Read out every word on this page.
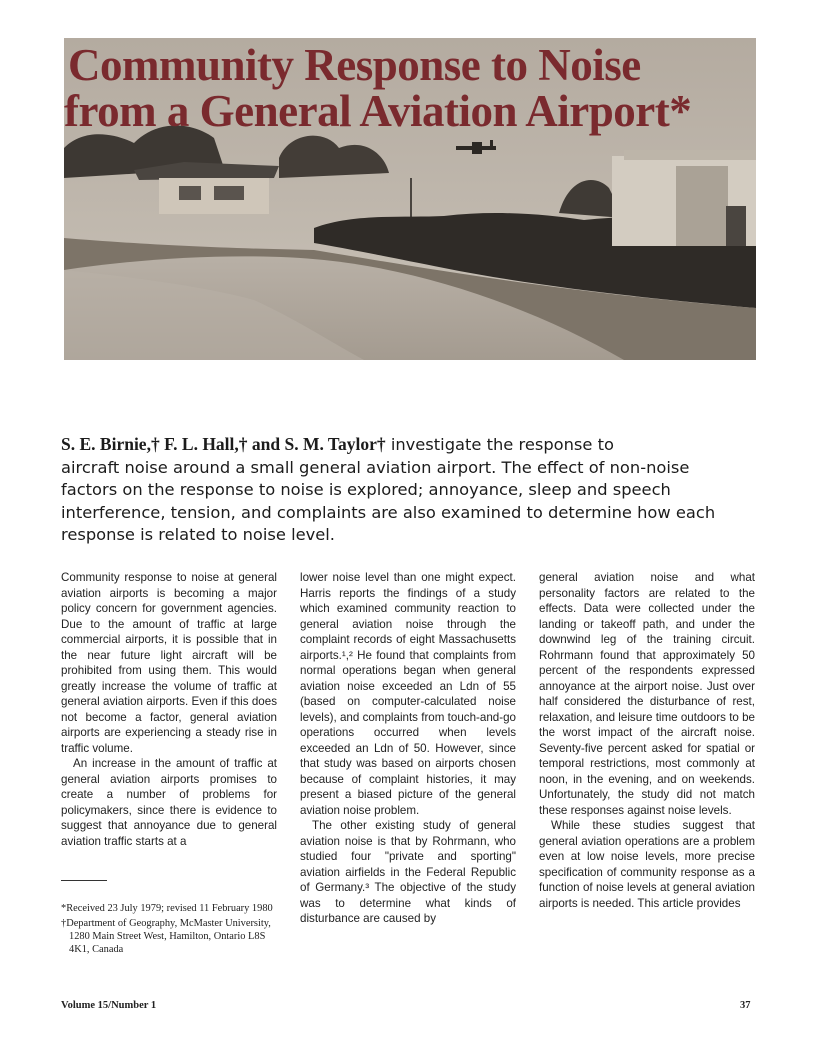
Community Response to Noise
from a General Aviation Airport*
S. E. Birnie,† F. L. Hall,† and S. M. Taylor† investigate the response to
aircraft noise around a small general aviation airport. The effect of non-noise
factors on the response to noise is explored; annoyance, sleep and speech
interference, tension, and complaints are also examined to determine how each
response is related to noise level.

Community response to noise at general aviation airports is becoming a major policy concern for government agencies. Due to the amount of traffic at large commercial airports, it is possible that in the near future light aircraft will be prohibited from using them. This would greatly increase the volume of traffic at general aviation airports. Even if this does not become a factor, general aviation airports are experiencing a steady rise in traffic volume.

An increase in the amount of traffic at general aviation airports promises to create a number of problems for policymakers, since there is evidence to suggest that annoyance due to general aviation traffic starts at a

lower noise level than one might expect. Harris reports the findings of a study which examined community reaction to general aviation noise through the complaint records of eight Massachusetts airports.¹,² He found that complaints from normal operations began when general aviation noise exceeded an Ldn of 55 (based on computer-calculated noise levels), and complaints from touch-and-go operations occurred when levels exceeded an Ldn of 50. However, since that study was based on airports chosen because of complaint histories, it may present a biased picture of the general aviation noise problem.

The other existing study of general aviation noise is that by Rohrmann, who studied four "private and sporting" aviation airfields in the Federal Republic of Germany.³ The objective of the study was to determine what kinds of disturbance are caused by

general aviation noise and what personality factors are related to the effects. Data were collected under the landing or takeoff path, and under the downwind leg of the training circuit. Rohrmann found that approximately 50 percent of the respondents expressed annoyance at the airport noise. Just over half considered the disturbance of rest, relaxation, and leisure time outdoors to be the worst impact of the aircraft noise. Seventy-five percent asked for spatial or temporal restrictions, most commonly at noon, in the evening, and on weekends. Unfortunately, the study did not match these responses against noise levels.

While these studies suggest that general aviation operations are a problem even at low noise levels, more precise specification of community response as a function of noise levels at general aviation airports is needed. This article provides

*Received 23 July 1979; revised 11 February 1980

†Department of Geography, McMaster University, 1280 Main Street West, Hamilton, Ontario L8S 4K1, Canada

Volume 15/Number 1	37
